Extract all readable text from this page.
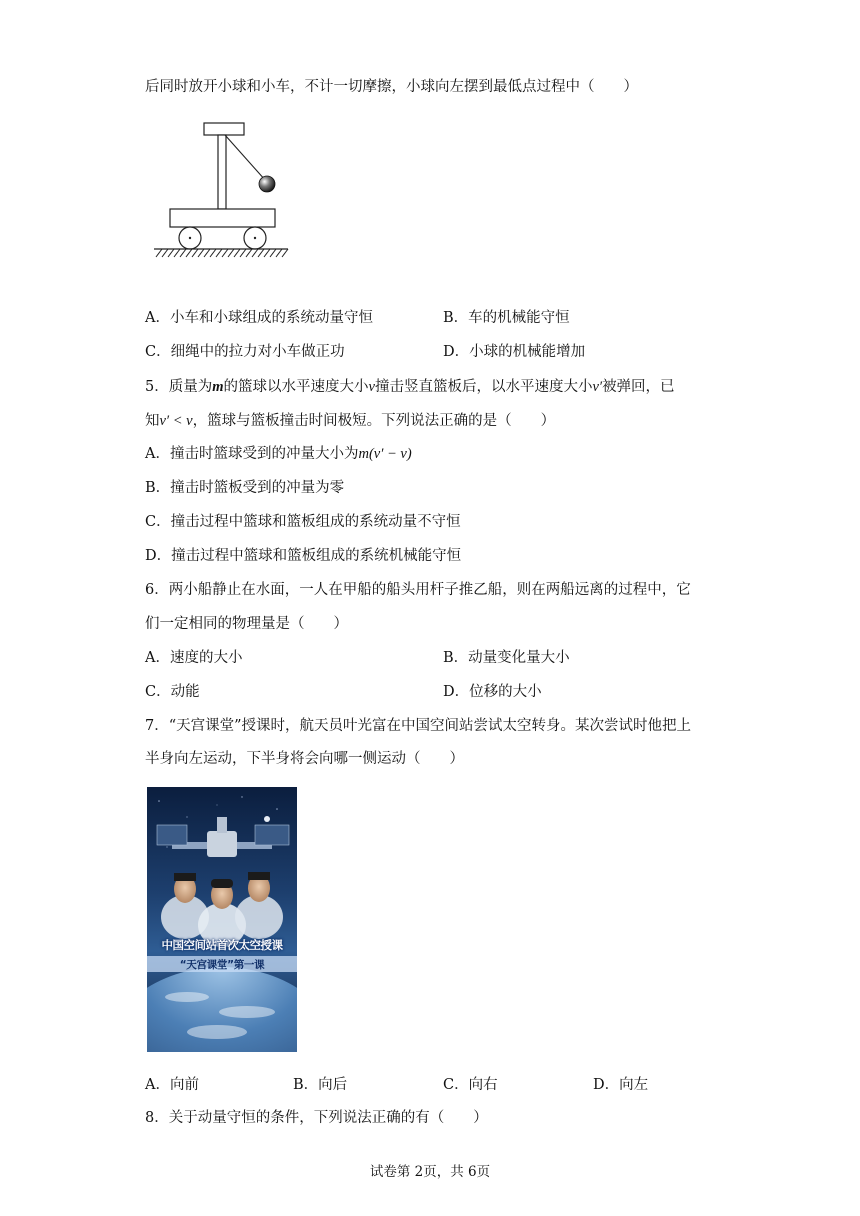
后同时放开小球和小车，不计一切摩擦，小球向左摆到最低点过程中（　　）
A．小车和小球组成的系统动量守恒	B．车的机械能守恒
C．细绳中的拉力对小车做正功	D．小球的机械能增加
5．质量为m的篮球以水平速度大小v撞击竖直篮板后，以水平速度大小v′被弹回，已
知v′ < v，篮球与篮板撞击时间极短。下列说法正确的是（　　）
A．撞击时篮球受到的冲量大小为m(v′ − v)
B．撞击时篮板受到的冲量为零
C．撞击过程中篮球和篮板组成的系统动量不守恒
D．撞击过程中篮球和篮板组成的系统机械能守恒
6．两小船静止在水面，一人在甲船的船头用杆子推乙船，则在两船远离的过程中，它
们一定相同的物理量是（　　）
A．速度的大小	B．动量变化量大小
C．动能	D．位移的大小
7．“天宫课堂”授课时，航天员叶光富在中国空间站尝试太空转身。某次尝试时他把上
半身向左运动，下半身将会向哪一侧运动（　　）
中国空间站首次太空授课
“天宫课堂”第一课
A．向前	B．向后	C．向右	D．向左
8．关于动量守恒的条件，下列说法正确的有（　　）
试卷第 2页，共 6页
